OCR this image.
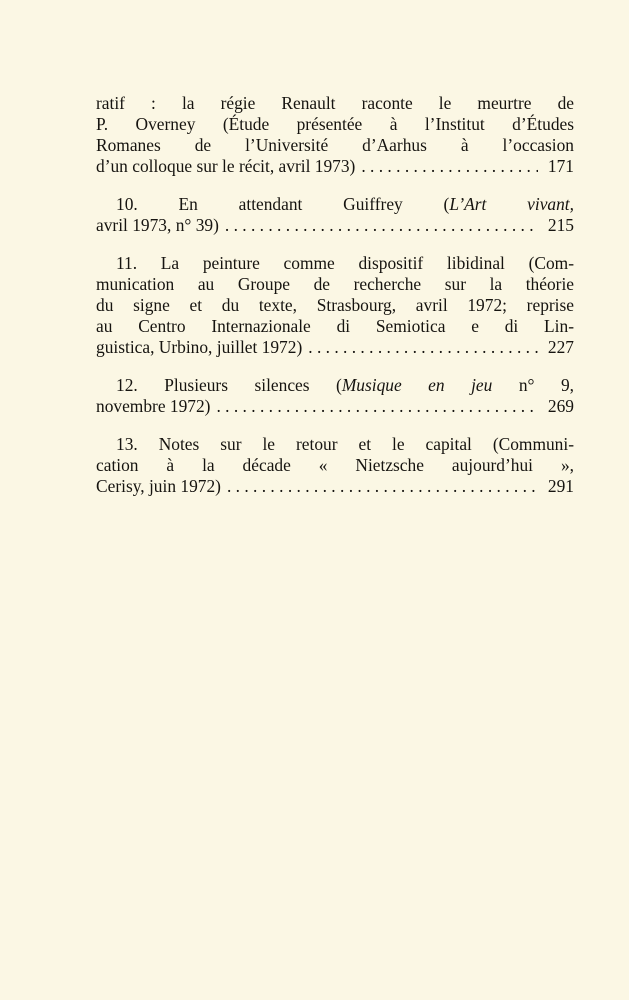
ratif : la régie Renault raconte le meurtre de
P. Overney (Étude présentée à l’Institut d’Études
Romanes de l’Université d’Aarhus à l’occasion
d’un colloque sur le récit, avril 1973) . . .	171
10. En attendant Guiffrey (L’Art vivant,
avril 1973, n° 39) . . .	215
11. La peinture comme dispositif libidinal (Com-
munication au Groupe de recherche sur la théorie
du signe et du texte, Strasbourg, avril 1972; reprise
au Centro Internazionale di Semiotica e di Lin-
guistica, Urbino, juillet 1972) . . .	227
12. Plusieurs silences (Musique en jeu n° 9,
novembre 1972) . . .	269
13. Notes sur le retour et le capital (Communi-
cation à la décade « Nietzsche aujourd’hui »,
Cerisy, juin 1972) . . .	291
